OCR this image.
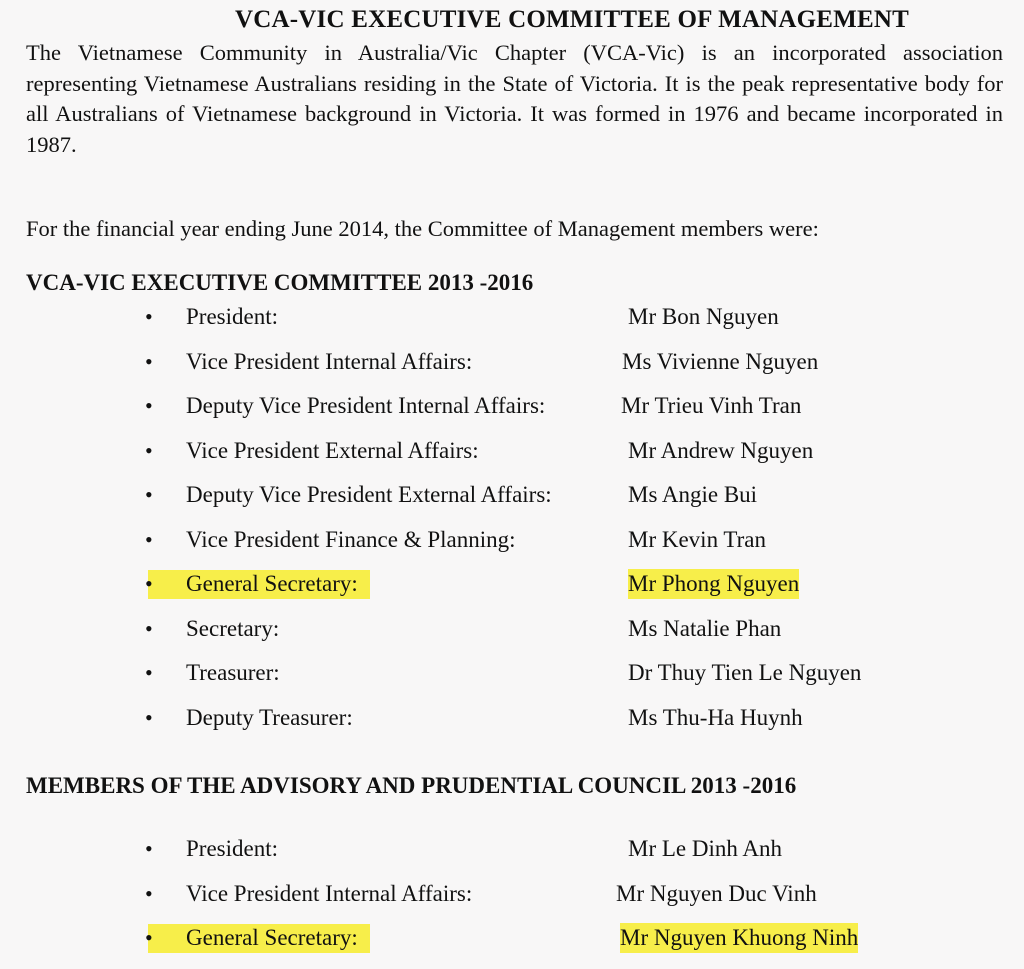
VCA-VIC EXECUTIVE COMMITTEE OF MANAGEMENT

The Vietnamese Community in Australia/Vic Chapter (VCA-Vic) is an incorporated association representing Vietnamese Australians residing in the State of Victoria. It is the peak representative body for all Australians of Vietnamese background in Victoria. It was formed in 1976 and became incorporated in 1987.

For the financial year ending June 2014, the Committee of Management members were:

VCA-VIC EXECUTIVE COMMITTEE 2013 -2016
• President:	Mr Bon Nguyen
• Vice President Internal Affairs:	Ms Vivienne Nguyen
• Deputy Vice President Internal Affairs:	Mr Trieu Vinh Tran
• Vice President External Affairs:	Mr Andrew Nguyen
• Deputy Vice President External Affairs:	Ms Angie Bui
• Vice President Finance & Planning:	Mr Kevin Tran
• General Secretary:	Mr Phong Nguyen
• Secretary:	Ms Natalie Phan
• Treasurer:	Dr Thuy Tien Le Nguyen
• Deputy Treasurer:	Ms Thu-Ha Huynh
MEMBERS OF THE ADVISORY AND PRUDENTIAL COUNCIL 2013 -2016
• President:	Mr Le Dinh Anh
• Vice President Internal Affairs:	Mr Nguyen Duc Vinh
• General Secretary:	Mr Nguyen Khuong Ninh
